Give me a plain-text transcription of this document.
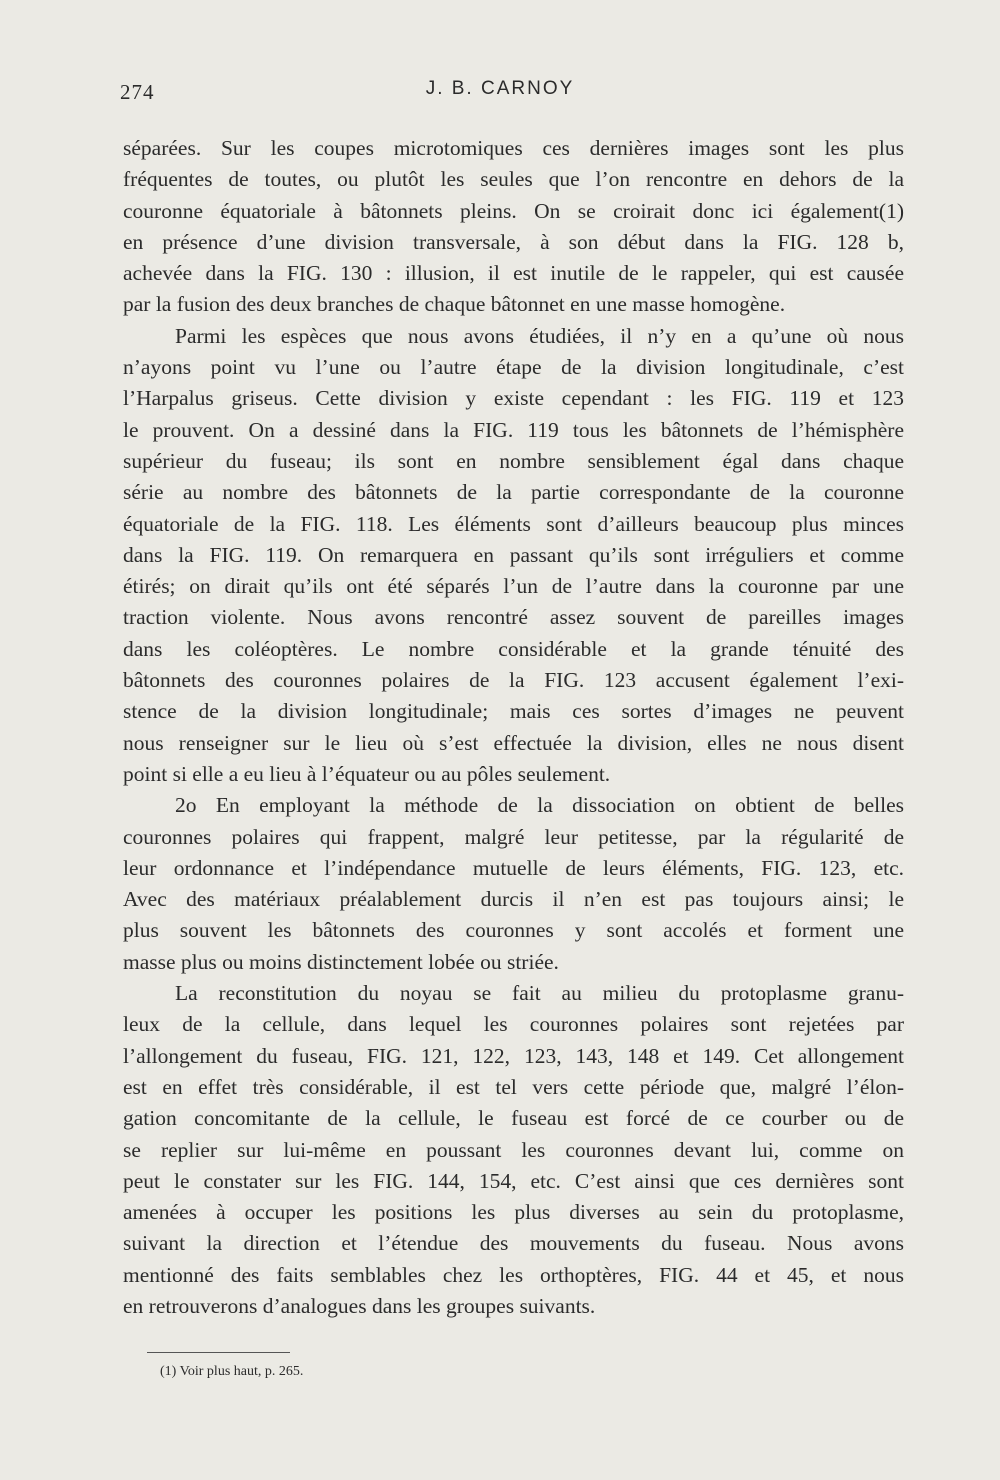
274	J. B. CARNOY
séparées. Sur les coupes microtomiques ces dernières images sont les plus
fréquentes de toutes, ou plutôt les seules que l’on rencontre en dehors de la
couronne équatoriale à bâtonnets pleins. On se croirait donc ici également(1)
en présence d’une division transversale, à son début dans la FIG. 128 b,
achevée dans la FIG. 130 : illusion, il est inutile de le rappeler, qui est causée
par la fusion des deux branches de chaque bâtonnet en une masse homogène.
Parmi les espèces que nous avons étudiées, il n’y en a qu’une où nous
n’ayons point vu l’une ou l’autre étape de la division longitudinale, c’est
l’Harpalus griseus. Cette division y existe cependant : les FIG. 119 et 123
le prouvent. On a dessiné dans la FIG. 119 tous les bâtonnets de l’hémisphère
supérieur du fuseau; ils sont en nombre sensiblement égal dans chaque
série au nombre des bâtonnets de la partie correspondante de la couronne
équatoriale de la FIG. 118. Les éléments sont d’ailleurs beaucoup plus minces
dans la FIG. 119. On remarquera en passant qu’ils sont irréguliers et comme
étirés; on dirait qu’ils ont été séparés l’un de l’autre dans la couronne par une
traction violente. Nous avons rencontré assez souvent de pareilles images
dans les coléoptères. Le nombre considérable et la grande ténuité des
bâtonnets des couronnes polaires de la FIG. 123 accusent également l’exi-
stence de la division longitudinale; mais ces sortes d’images ne peuvent
nous renseigner sur le lieu où s’est effectuée la division, elles ne nous disent
point si elle a eu lieu à l’équateur ou au pôles seulement.
2o En employant la méthode de la dissociation on obtient de belles
couronnes polaires qui frappent, malgré leur petitesse, par la régularité de
leur ordonnance et l’indépendance mutuelle de leurs éléments, FIG. 123, etc.
Avec des matériaux préalablement durcis il n’en est pas toujours ainsi; le
plus souvent les bâtonnets des couronnes y sont accolés et forment une
masse plus ou moins distinctement lobée ou striée.
La reconstitution du noyau se fait au milieu du protoplasme granu-
leux de la cellule, dans lequel les couronnes polaires sont rejetées par
l’allongement du fuseau, FIG. 121, 122, 123, 143, 148 et 149. Cet allongement
est en effet très considérable, il est tel vers cette période que, malgré l’élon-
gation concomitante de la cellule, le fuseau est forcé de ce courber ou de
se replier sur lui-même en poussant les couronnes devant lui, comme on
peut le constater sur les FIG. 144, 154, etc. C’est ainsi que ces dernières sont
amenées à occuper les positions les plus diverses au sein du protoplasme,
suivant la direction et l’étendue des mouvements du fuseau. Nous avons
mentionné des faits semblables chez les orthoptères, FIG. 44 et 45, et nous
en retrouverons d’analogues dans les groupes suivants.
(1) Voir plus haut, p. 265.
